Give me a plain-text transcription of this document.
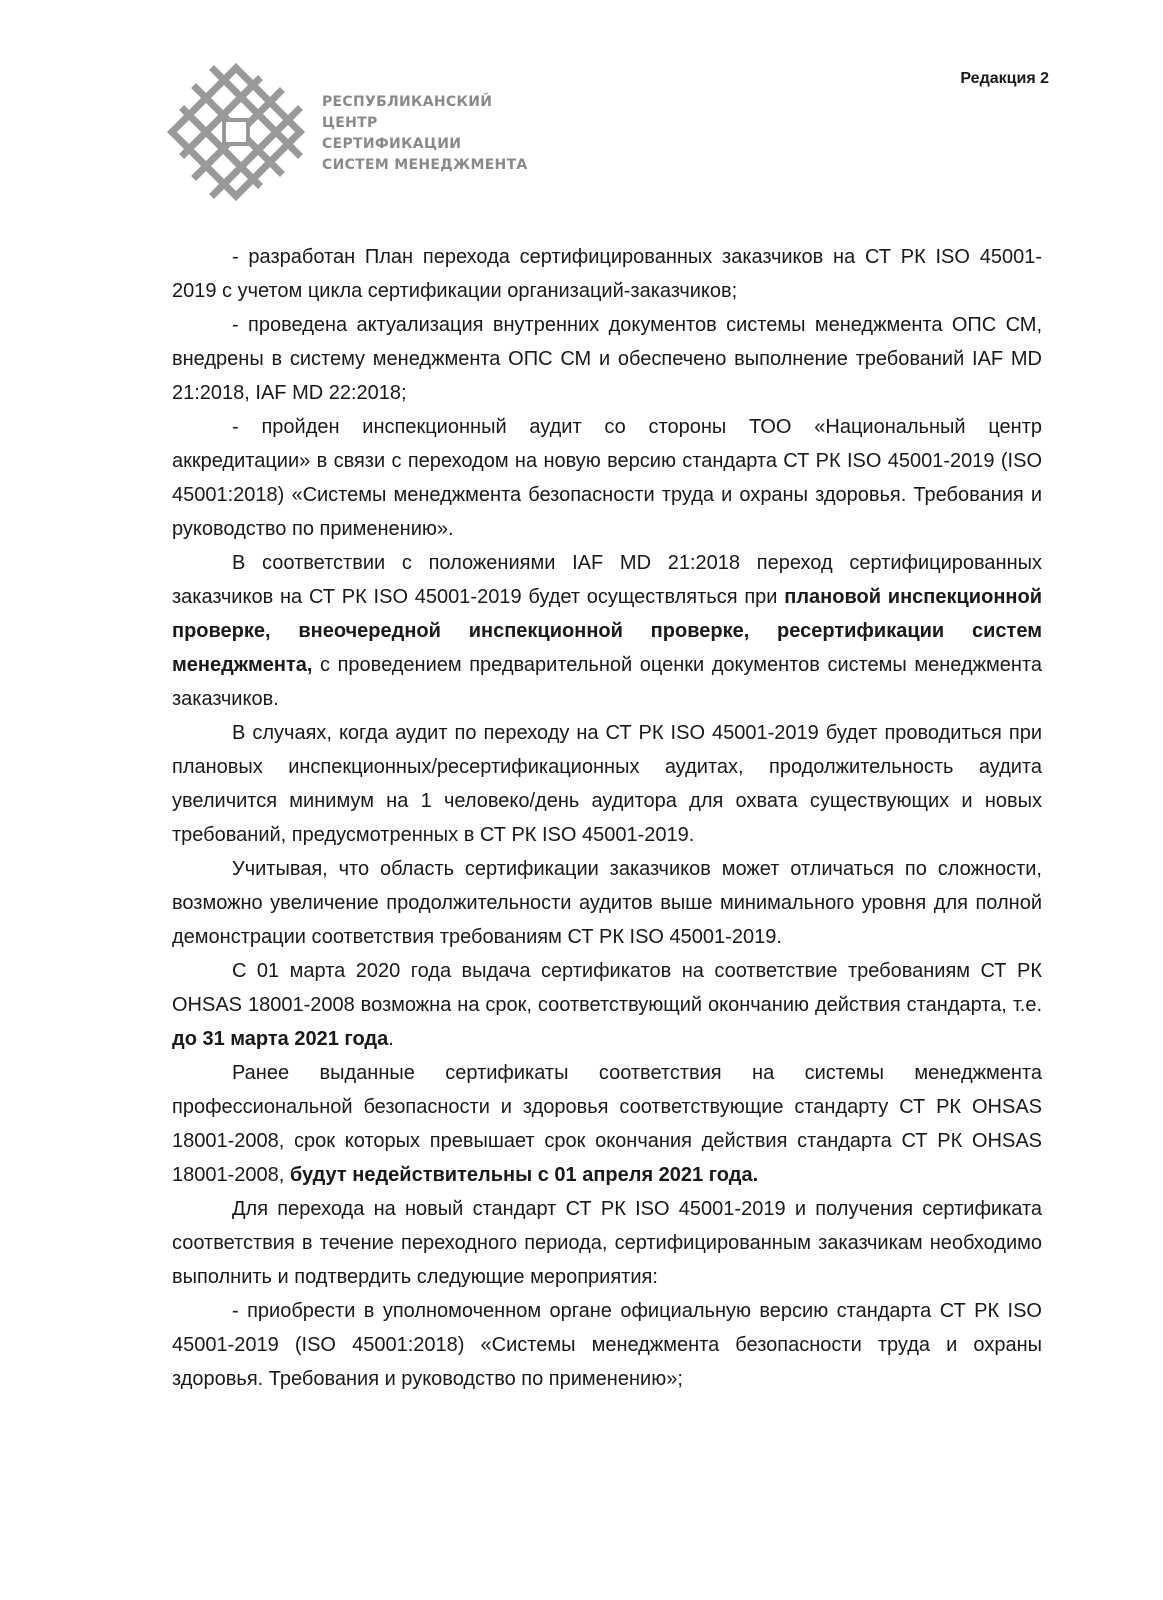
РЕСПУБЛИКАНСКИЙ
ЦЕНТР
СЕРТИФИКАЦИИ
СИСТЕМ МЕНЕДЖМЕНТА
Редакция 2

- разработан План перехода сертифицированных заказчиков на СТ РК ISO 45001-2019 с учетом цикла сертификации организаций-заказчиков;

- проведена актуализация внутренних документов системы менеджмента ОПС СМ, внедрены в систему менеджмента ОПС СМ и обеспечено выполнение требований IAF MD 21:2018, IAF MD 22:2018;

- пройден инспекционный аудит со стороны ТОО «Национальный центр аккредитации» в связи с переходом на новую версию стандарта СТ РК ISO 45001-2019 (ISO 45001:2018) «Системы менеджмента безопасности труда и охраны здоровья. Требования и руководство по применению».

В соответствии с положениями IAF MD 21:2018 переход сертифицированных заказчиков на СТ РК ISO 45001-2019 будет осуществляться при плановой инспекционной проверке, внеочередной инспекционной проверке, ресертификации систем менеджмента, с проведением предварительной оценки документов системы менеджмента заказчиков.

В случаях, когда аудит по переходу на СТ РК ISO 45001-2019 будет проводиться при плановых инспекционных/ресертификационных аудитах, продолжительность аудита увеличится минимум на 1 человеко/день аудитора для охвата существующих и новых требований, предусмотренных в СТ РК ISO 45001-2019.

Учитывая, что область сертификации заказчиков может отличаться по сложности, возможно увеличение продолжительности аудитов выше минимального уровня для полной демонстрации соответствия требованиям СТ РК ISO 45001-2019.

С 01 марта 2020 года выдача сертификатов на соответствие требованиям СТ РК OHSAS 18001-2008 возможна на срок, соответствующий окончанию действия стандарта, т.е. до 31 марта 2021 года.

Ранее выданные сертификаты соответствия на системы менеджмента профессиональной безопасности и здоровья соответствующие стандарту СТ РК OHSAS 18001-2008, срок которых превышает срок окончания действия стандарта СТ РК OHSAS 18001-2008, будут недействительны с 01 апреля 2021 года.

Для перехода на новый стандарт СТ РК ISO 45001-2019 и получения сертификата соответствия в течение переходного периода, сертифицированным заказчикам необходимо выполнить и подтвердить следующие мероприятия:

- приобрести в уполномоченном органе официальную версию стандарта СТ РК ISO 45001-2019 (ISO 45001:2018) «Системы менеджмента безопасности труда и охраны здоровья. Требования и руководство по применению»;
